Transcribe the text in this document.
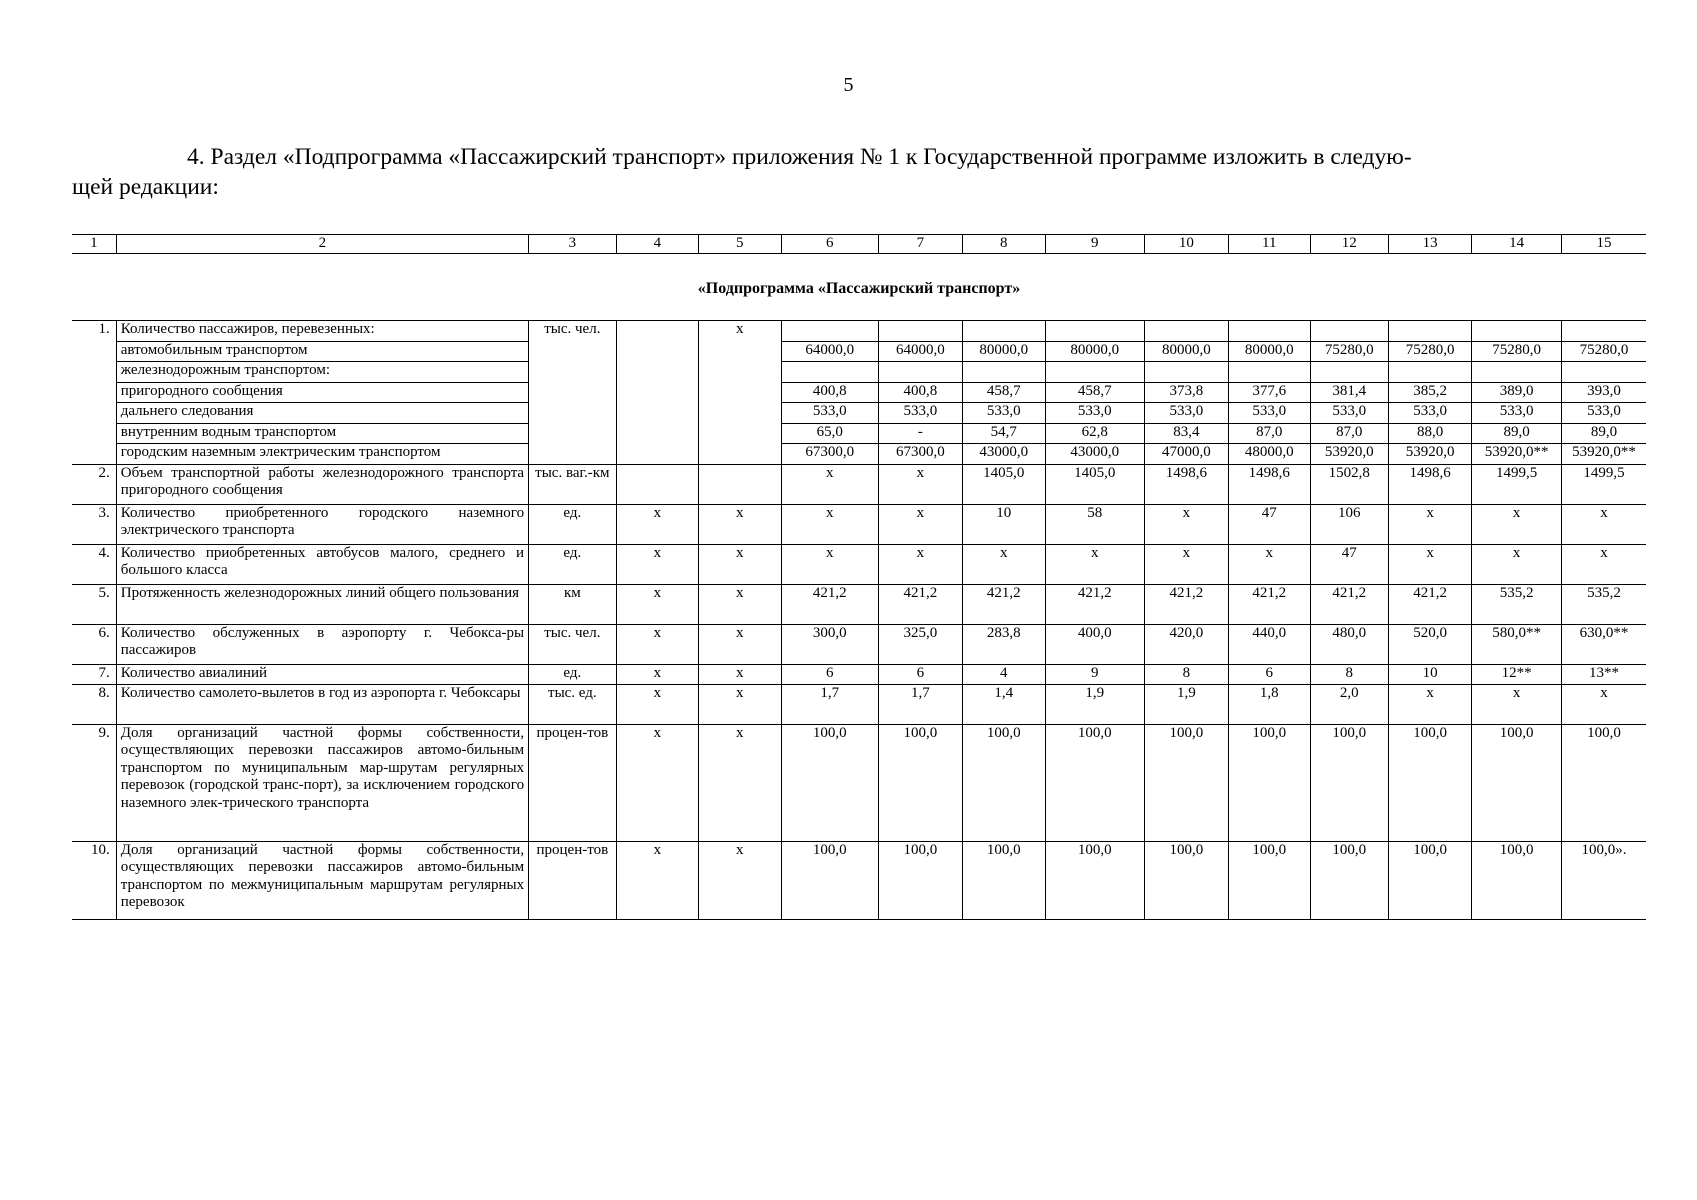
5
4. Раздел «Подпрограмма «Пассажирский транспорт» приложения № 1 к Государственной программе изложить в следую-
щей редакции:
1	2	3	4	5	6	7	8	9	10	11	12	13	14	15
«Подпрограмма «Пассажирский транспорт»
1.	Количество пассажиров, перевезенных:	тыс. чел.		х										
	автомобильным транспортом				64000,0	64000,0	80000,0	80000,0	80000,0	80000,0	75280,0	75280,0	75280,0	75280,0
	железнодорожным транспортом:													
	пригородного сообщения				400,8	400,8	458,7	458,7	373,8	377,6	381,4	385,2	389,0	393,0
	дальнего следования				533,0	533,0	533,0	533,0	533,0	533,0	533,0	533,0	533,0	533,0
	внутренним водным транспортом				65,0	-	54,7	62,8	83,4	87,0	87,0	88,0	89,0	89,0
	городским наземным электрическим транспортом				67300,0	67300,0	43000,0	43000,0	47000,0	48000,0	53920,0	53920,0	53920,0**	53920,0**
2.	Объем транспортной работы железнодорожного транспорта пригородного сообщения	тыс. ваг.-км			х	х	1405,0	1405,0	1498,6	1498,6	1502,8	1498,6	1499,5	1499,5
3.	Количество приобретенного городского наземного электрического транспорта	ед.	х	х	х	х	10	58	х	47	106	х	х	х
4.	Количество приобретенных автобусов малого, среднего и большого класса	ед.	х	х	х	х	х	х	х	х	47	х	х	х
5.	Протяженность железнодорожных линий общего пользования	км	х	х	421,2	421,2	421,2	421,2	421,2	421,2	421,2	421,2	535,2	535,2
6.	Количество обслуженных в аэропорту г. Чебокса-ры пассажиров	тыс. чел.	х	х	300,0	325,0	283,8	400,0	420,0	440,0	480,0	520,0	580,0**	630,0**
7.	Количество авиалиний	ед.	х	х	6	6	4	9	8	6	8	10	12**	13**
8.	Количество самолето-вылетов в год из аэропорта г. Чебоксары	тыс. ед.	х	х	1,7	1,7	1,4	1,9	1,9	1,8	2,0	х	х	х
9.	Доля организаций частной формы собственности, осуществляющих перевозки пассажиров автомо-бильным транспортом по муниципальным мар-шрутам регулярных перевозок (городской транс-порт), за исключением городского наземного элек-трического транспорта	процен-тов	х	х	100,0	100,0	100,0	100,0	100,0	100,0	100,0	100,0	100,0	100,0
10.	Доля организаций частной формы собственности, осуществляющих перевозки пассажиров автомо-бильным транспортом по межмуниципальным маршрутам регулярных перевозок	процен-тов	х	х	100,0	100,0	100,0	100,0	100,0	100,0	100,0	100,0	100,0	100,0».
